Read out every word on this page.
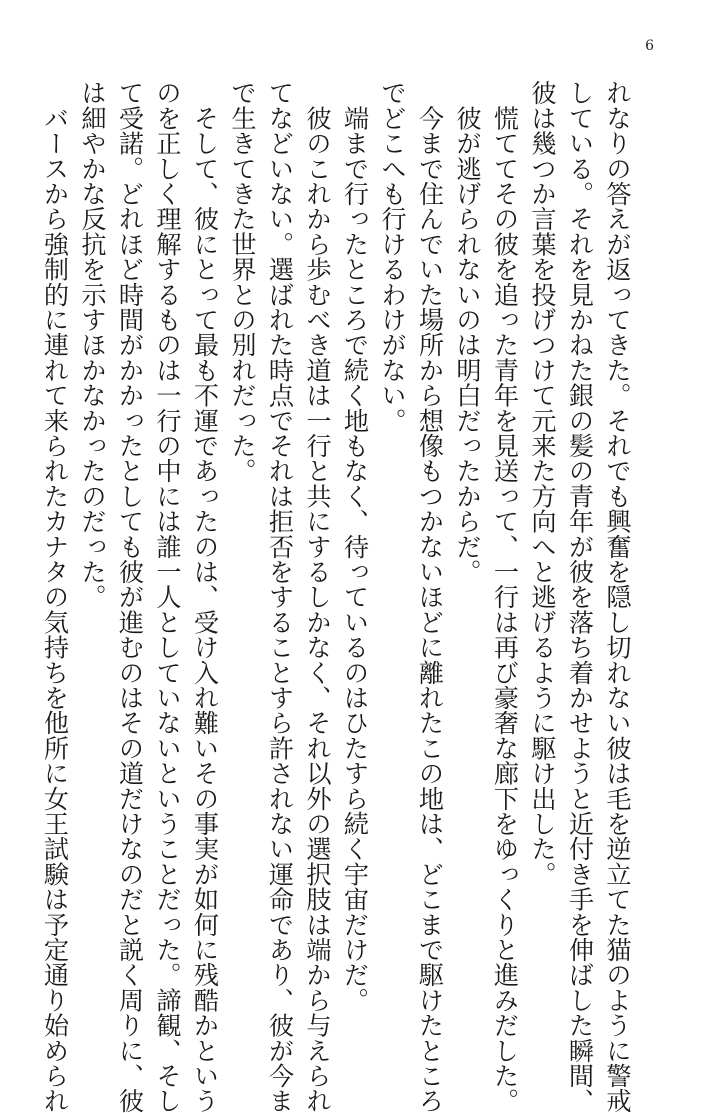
6

れなりの答えが返ってきた。それでも興奮を隠し切れない彼は毛を逆立てた猫のように警戒

している。それを見かねた銀の髪の青年が彼を落ち着かせようと近付き手を伸ばした瞬間、

彼は幾つか言葉を投げつけて元来た方向へと逃げるように駆け出した。

　慌ててその彼を追った青年を見送って、一行は再び豪奢な廊下をゆっくりと進みだした。

　彼が逃げられないのは明白だったからだ。

　今まで住んでいた場所から想像もつかないほどに離れたこの地は、どこまで駆けたところ

でどこへも行けるわけがない。

　端まで行ったところで続く地もなく、待っているのはひたすら続く宇宙だけだ。

　彼のこれから歩むべき道は一行と共にするしかなく、それ以外の選択肢は端から与えられ

てなどいない。選ばれた時点でそれは拒否をすることすら許されない運命であり、彼が今ま

で生きてきた世界との別れだった。

　そして、彼にとって最も不運であったのは、受け入れ難いその事実が如何に残酷かという

のを正しく理解するものは一行の中には誰一人としていないということだった。諦観、そし

て受諾。どれほど時間がかかったとしても彼が進むのはその道だけなのだと説く周りに、彼

は細やかな反抗を示すほかなかったのだった。

　バースから強制的に連れて来られたカナタの気持ちを他所に女王試験は予定通り始められ
